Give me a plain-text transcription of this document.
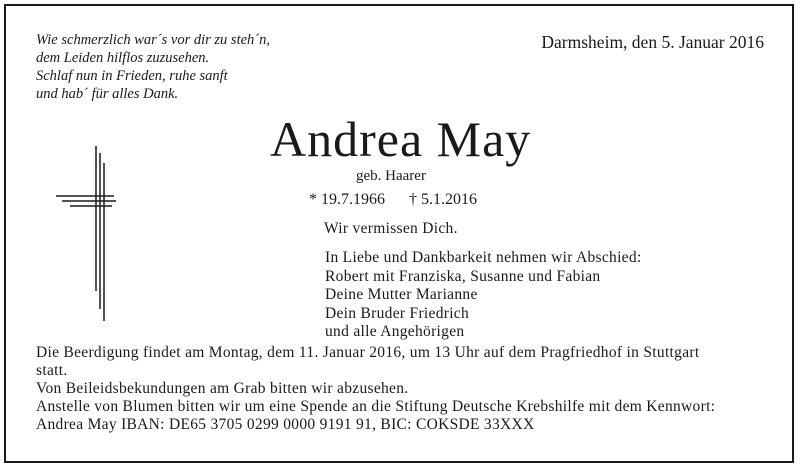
Wie schmerzlich war´s vor dir zu steh´n,
dem Leiden hilflos zuzusehen.
Schlaf nun in Frieden, ruhe sanft
und hab´ für alles Dank.
Darmsheim, den 5. Januar 2016
Andrea May
geb. Haarer
* 19.7.1966 † 5.1.2016
Wir vermissen Dich.
In Liebe und Dankbarkeit nehmen wir Abschied:
Robert mit Franziska, Susanne und Fabian
Deine Mutter Marianne
Dein Bruder Friedrich
und alle Angehörigen
Die Beerdigung findet am Montag, dem 11. Januar 2016, um 13 Uhr auf dem Pragfriedhof in Stuttgart
statt.
Von Beileidsbekundungen am Grab bitten wir abzusehen.
Anstelle von Blumen bitten wir um eine Spende an die Stiftung Deutsche Krebshilfe mit dem Kennwort:
Andrea May IBAN: DE65 3705 0299 0000 9191 91, BIC: COKSDE 33XXX
